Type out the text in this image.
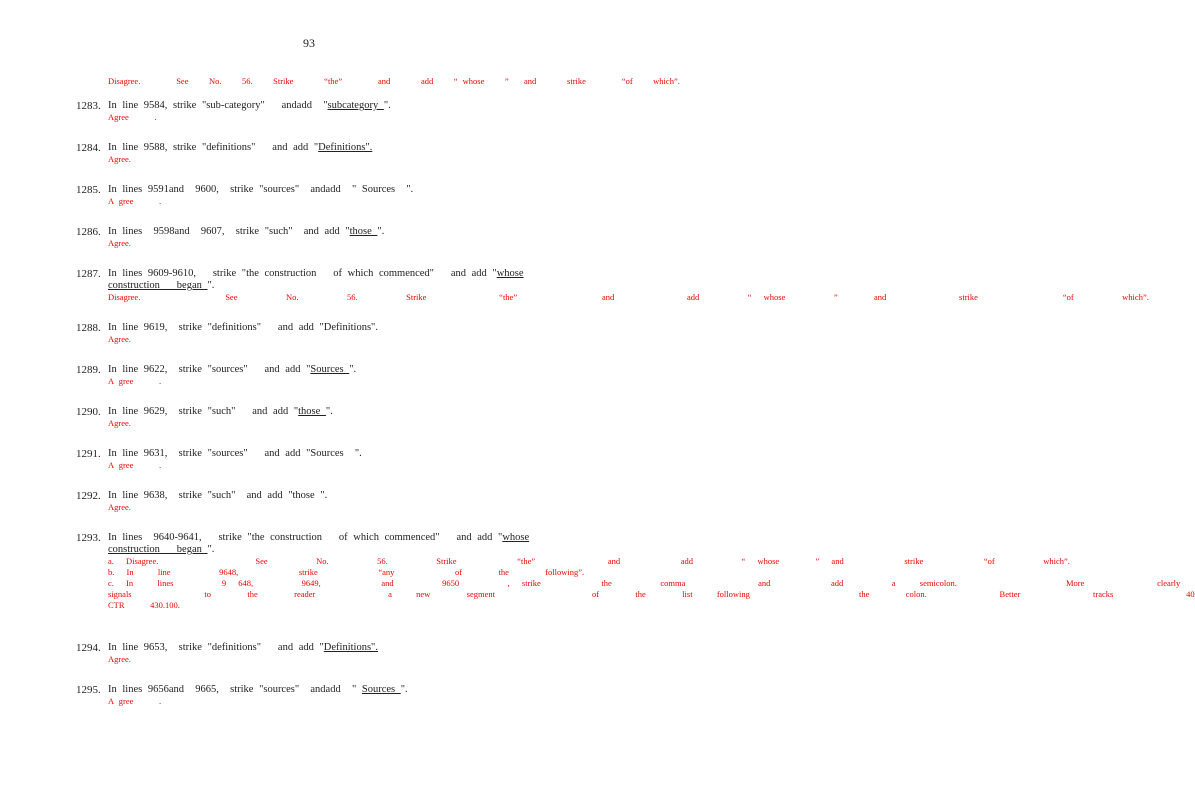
93
Disagree.       See    No.    56.    Strike      “the”       and      add    “ whose    ”   and      strike       “of    which”.
1283. In line 9584, strike "sub-category"   andadd  "subcategory ".
Agree     .
1284. In line 9588, strike "definitions"   and add "Definitions".
Agree.
1285. In lines 9591and  9600,  strike "sources"  andadd  " Sources  ".
A gree     .
1286. In lines  9598and  9607,  strike "such"  and add "those ".
Agree.
1287. In lines 9609-9610,   strike "the construction   of which commenced"   and add "whose
construction   began ".
Disagree.       See    No.    56.    Strike      “the”       and      add    “ whose    ”   and      strike       “of    which”.
1288. In line 9619,  strike "definitions"   and add "Definitions".
Agree.
1289. In line 9622,  strike "sources"   and add "Sources ".
A gree     .
1290. In line 9629,  strike "such"   and add "those ".
Agree.
1291. In line 9631,  strike "sources"   and add "Sources  ".
A gree     .
1292. In line 9638,  strike "such"  and add "those ".
Agree.
1293. In lines  9640-9641,   strike "the construction   of which commenced"   and add "whose
construction   began ".
a. Disagree.        See    No.    56.    Strike     “the”      and     add    “ whose   ” and     strike     “of    which”.
b. In  line    9648,     strike     “any     of   the   following”.
c. In  lines    9 648,    9649,     and    9650    , strike     the    comma      and     add    a  semicolon.         More      clearly
signals      to   the   reader      a  new   segment        of   the   list  following         the   colon.      Better      tracks      40
CTR     430.100.
1294. In line 9653,  strike "definitions"   and add "Definitions".
Agree.
1295. In lines 9656and  9665,  strike "sources"  andadd  " Sources ".
A gree     .
